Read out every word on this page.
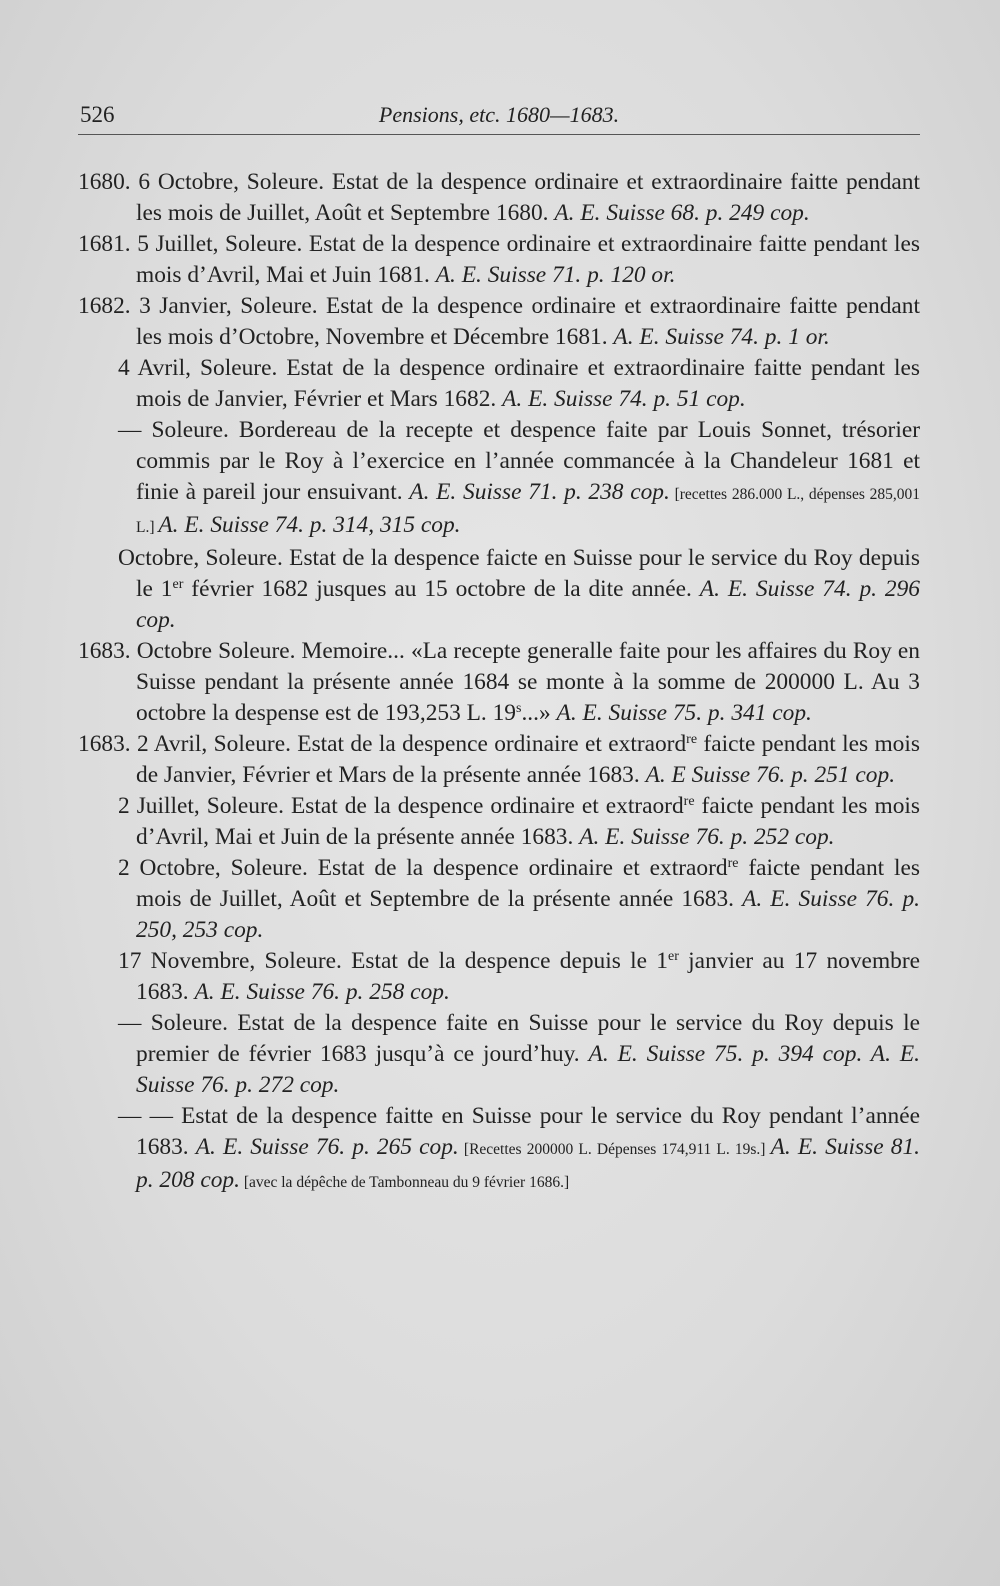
526	Pensions, etc. 1680—1683.

1680. 6 Octobre, Soleure. Estat de la despence ordinaire et extraordinaire faitte pendant les mois de Juillet, Août et Septembre 1680. A. E. Suisse 68. p. 249 cop.

1681. 5 Juillet, Soleure. Estat de la despence ordinaire et extraordinaire faitte pendant les mois d’Avril, Mai et Juin 1681. A. E. Suisse 71. p. 120 or.

1682. 3 Janvier, Soleure. Estat de la despence ordinaire et extraordinaire faitte pendant les mois d’Octobre, Novembre et Décembre 1681. A. E. Suisse 74. p. 1 or.

4 Avril, Soleure. Estat de la despence ordinaire et extraordinaire faitte pendant les mois de Janvier, Février et Mars 1682. A. E. Suisse 74. p. 51 cop.

— Soleure. Bordereau de la recepte et despence faite par Louis Sonnet, trésorier commis par le Roy à l’exercice en l’année commancée à la Chandeleur 1681 et finie à pareil jour ensuivant. A. E. Suisse 71. p. 238 cop. [recettes 286.000 L., dépenses 285,001 L.] A. E. Suisse 74. p. 314, 315 cop.

Octobre, Soleure. Estat de la despence faicte en Suisse pour le service du Roy depuis le 1er février 1682 jusques au 15 octobre de la dite année. A. E. Suisse 74. p. 296 cop.

1683. Octobre Soleure. Memoire... «La recepte generalle faite pour les affaires du Roy en Suisse pendant la présente année 1684 se monte à la somme de 200000 L. Au 3 octobre la despense est de 193,253 L. 19$^s$...» A. E. Suisse 75. p. 341 cop.

1683. 2 Avril, Soleure. Estat de la despence ordinaire et extraord$^{re}$ faicte pendant les mois de Janvier, Février et Mars de la présente année 1683. A. E Suisse 76. p. 251 cop.

2 Juillet, Soleure. Estat de la despence ordinaire et extraord$^{re}$ faicte pendant les mois d’Avril, Mai et Juin de la présente année 1683. A. E. Suisse 76. p. 252 cop.

2 Octobre, Soleure. Estat de la despence ordinaire et extraord$^{re}$ faicte pendant les mois de Juillet, Août et Septembre de la présente année 1683. A. E. Suisse 76. p. 250, 253 cop.

17 Novembre, Soleure. Estat de la despence depuis le 1er janvier au 17 novembre 1683. A. E. Suisse 76. p. 258 cop.

— Soleure. Estat de la despence faite en Suisse pour le service du Roy depuis le premier de février 1683 jusqu’à ce jourd’huy. A. E. Suisse 75. p. 394 cop. A. E. Suisse 76. p. 272 cop.

— — Estat de la despence faitte en Suisse pour le service du Roy pendant l’année 1683. A. E. Suisse 76. p. 265 cop. [Recettes 200000 L. Dépenses 174,911 L. 19s.] A. E. Suisse 81. p. 208 cop. [avec la dépêche de Tambonneau du 9 février 1686.]
